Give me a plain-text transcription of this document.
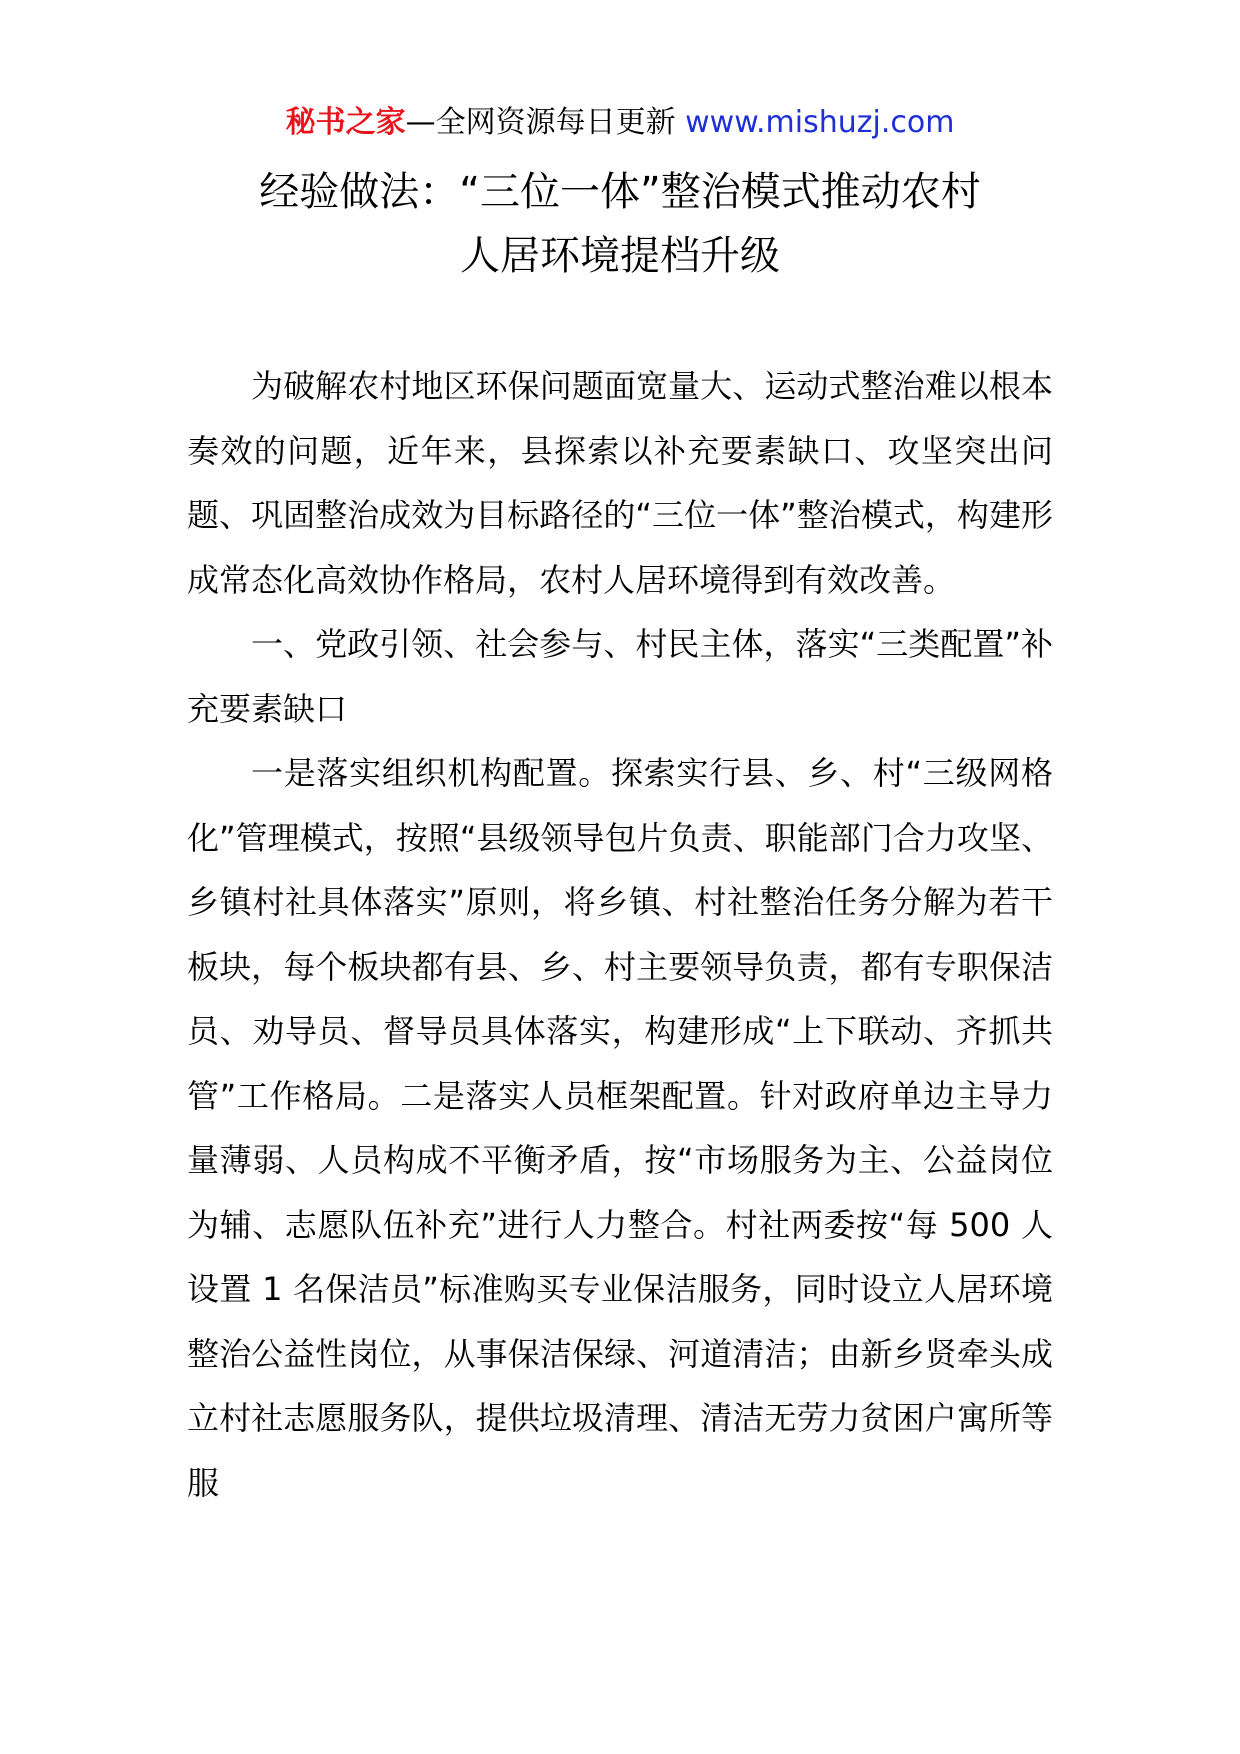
秘书之家—全网资源每日更新 www.mishuzj.com
经验做法：“三位一体”整治模式推动农村
人居环境提档升级

为破解农村地区环保问题面宽量大、运动式整治难以根本奏效的问题，近年来，县探索以补充要素缺口、攻坚突出问题、巩固整治成效为目标路径的“三位一体”整治模式，构建形成常态化高效协作格局，农村人居环境得到有效改善。

一、党政引领、社会参与、村民主体，落实“三类配置”补充要素缺口

一是落实组织机构配置。探索实行县、乡、村“三级网格化”管理模式，按照“县级领导包片负责、职能部门合力攻坚、乡镇村社具体落实”原则，将乡镇、村社整治任务分解为若干板块，每个板块都有县、乡、村主要领导负责，都有专职保洁员、劝导员、督导员具体落实，构建形成“上下联动、齐抓共管”工作格局。二是落实人员框架配置。针对政府单边主导力量薄弱、人员构成不平衡矛盾，按“市场服务为主、公益岗位为辅、志愿队伍补充”进行人力整合。村社两委按“每 500 人设置 1 名保洁员”标准购买专业保洁服务，同时设立人居环境整治公益性岗位，从事保洁保绿、河道清洁；由新乡贤牵头成立村社志愿服务队，提供垃圾清理、清洁无劳力贫困户寓所等服
